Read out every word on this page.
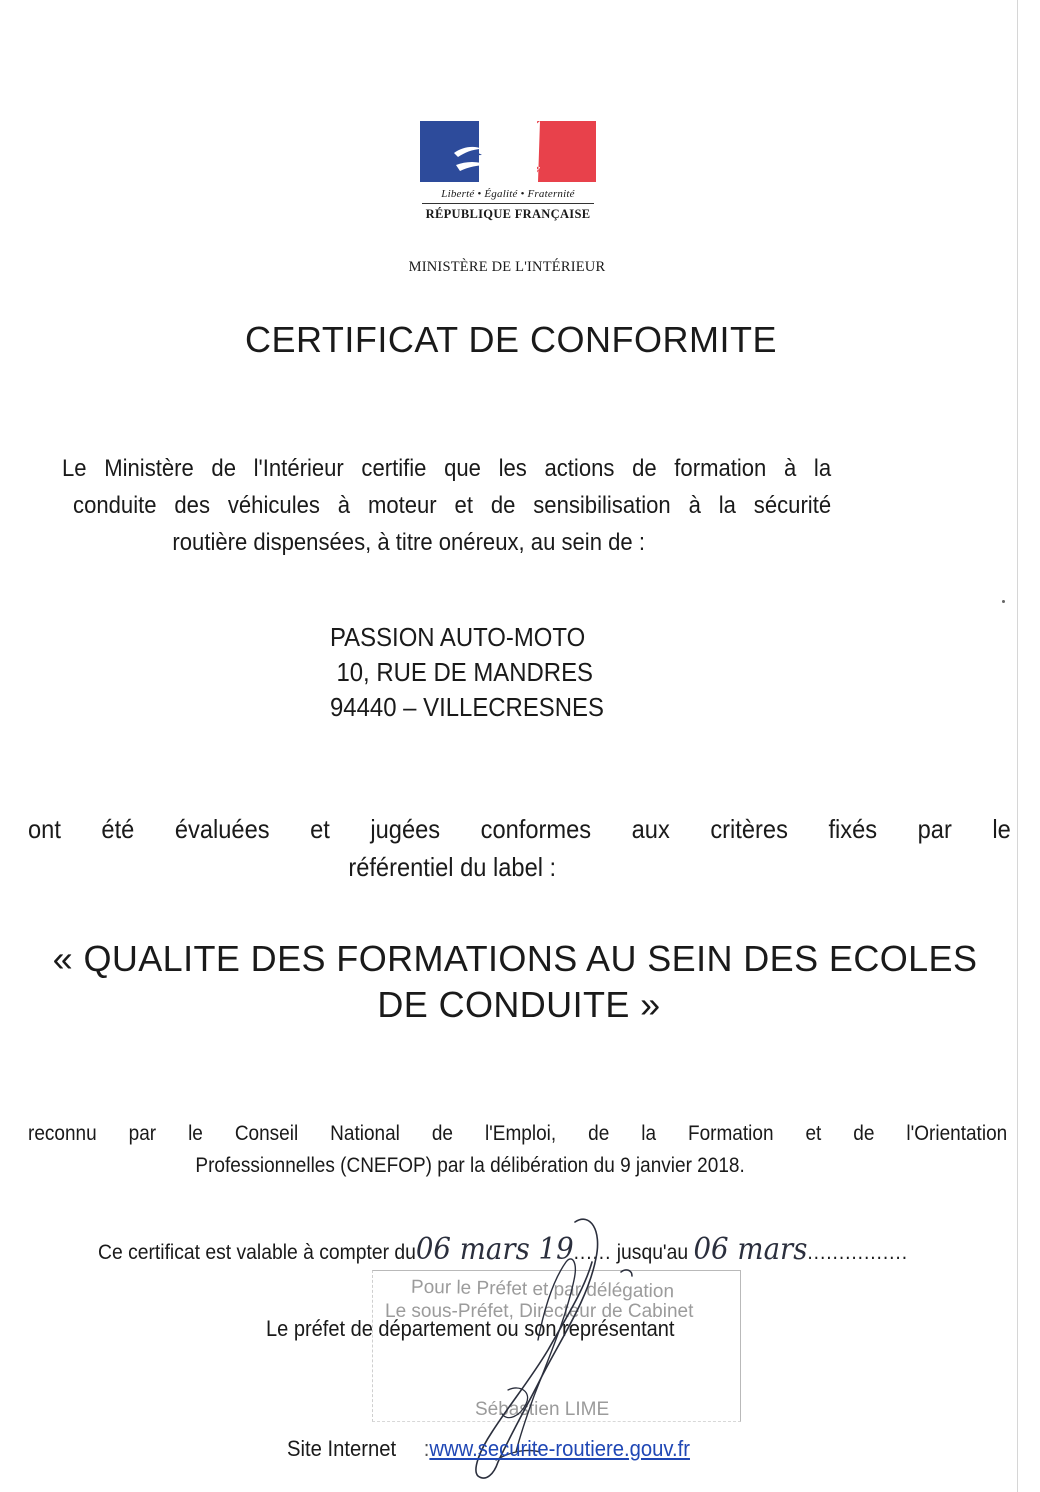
Liberté • Égalité • Fraternité
RÉPUBLIQUE FRANÇAISE
MINISTÈRE DE L'INTÉRIEUR
CERTIFICAT DE CONFORMITE
Le Ministère de l'Intérieur certifie que les actions de formation à la
conduite des véhicules à moteur et de sensibilisation à la sécurité
routière dispensées, à titre onéreux, au sein de :
PASSION AUTO-MOTO
10, RUE DE MANDRES
94440 – VILLECRESNES
ont été évaluées et jugées conformes aux critères fixés par le
référentiel du label :
« QUALITE DES FORMATIONS AU SEIN DES ECOLES
DE CONDUITE »
reconnu par le Conseil National de l'Emploi, de la Formation et de l'Orientation
Professionnelles (CNEFOP) par la délibération du 9 janvier 2018.
Ce certificat est valable à compter du06 mars 19...... jusqu'au 06 mars................
Pour le Préfet et par délégation
Le sous-Préfet, Directeur de Cabinet
Sébastien LIME
Le préfet de département ou son représentant
Site Internet :www.securite-routiere.gouv.fr
